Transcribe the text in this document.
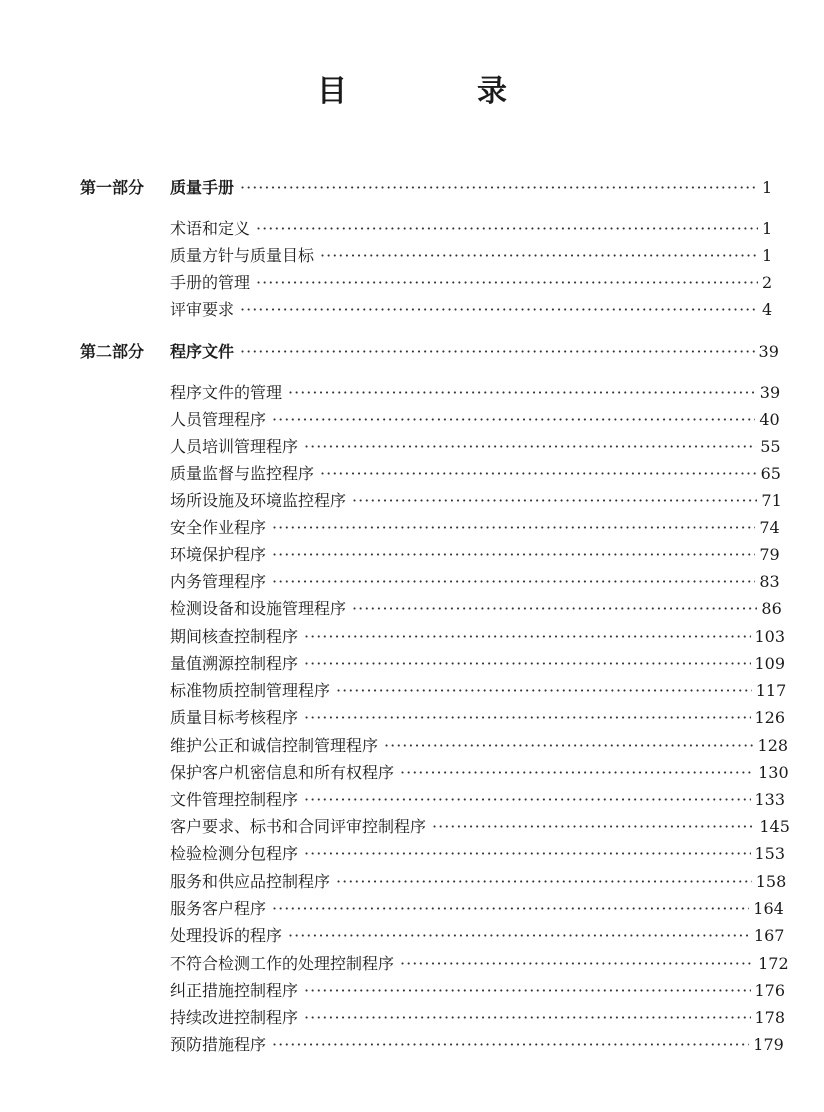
目　录
第一部分	质量手册 ·····	1
术语和定义 ·····	1
质量方针与质量目标 ·····	1
手册的管理 ·····	2
评审要求 ·····	4
第二部分	程序文件 ·····	39
程序文件的管理 ·····	39
人员管理程序 ·····	40
人员培训管理程序 ·····	55
质量监督与监控程序 ·····	65
场所设施及环境监控程序 ·····	71
安全作业程序 ·····	74
环境保护程序 ·····	79
内务管理程序 ·····	83
检测设备和设施管理程序 ·····	86
期间核查控制程序 ·····	103
量值溯源控制程序 ·····	109
标准物质控制管理程序 ·····	117
质量目标考核程序 ·····	126
维护公正和诚信控制管理程序 ·····	128
保护客户机密信息和所有权程序 ·····	130
文件管理控制程序 ·····	133
客户要求、标书和合同评审控制程序 ·····	145
检验检测分包程序 ·····	153
服务和供应品控制程序 ·····	158
服务客户程序 ·····	164
处理投诉的程序 ·····	167
不符合检测工作的处理控制程序 ·····	172
纠正措施控制程序 ·····	176
持续改进控制程序 ·····	178
预防措施程序 ·····	179
